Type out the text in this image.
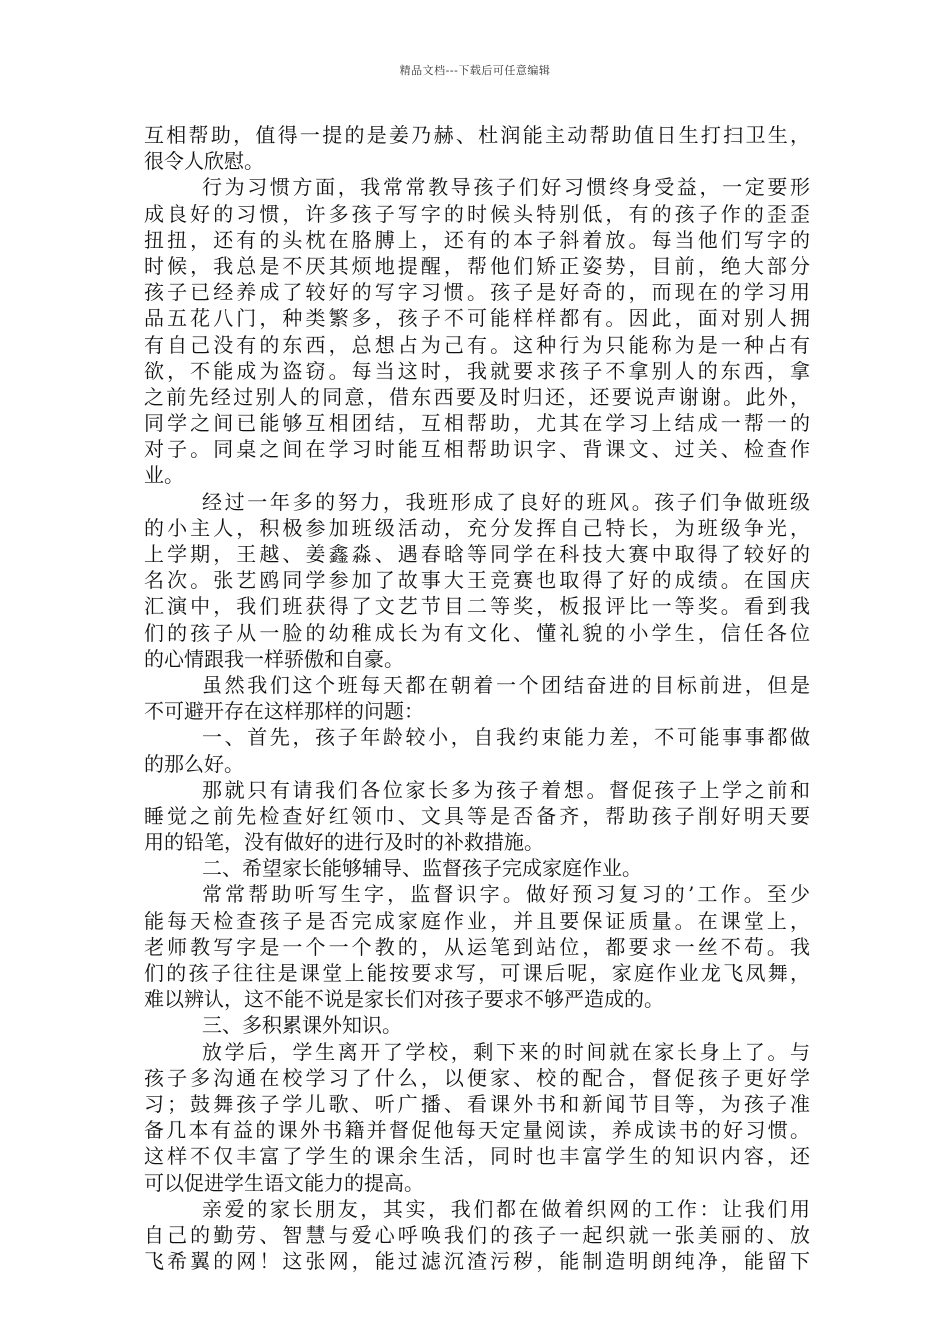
精品文档---下载后可任意编辑
互相帮助，值得一提的是姜乃赫、杜润能主动帮助值日生打扫卫生，
很令人欣慰。
行为习惯方面，我常常教导孩子们好习惯终身受益，一定要形
成良好的习惯，许多孩子写字的时候头特别低，有的孩子作的歪歪
扭扭，还有的头枕在胳膊上，还有的本子斜着放。每当他们写字的
时候，我总是不厌其烦地提醒，帮他们矫正姿势，目前，绝大部分
孩子已经养成了较好的写字习惯。孩子是好奇的，而现在的学习用
品五花八门，种类繁多，孩子不可能样样都有。因此，面对别人拥
有自己没有的东西，总想占为己有。这种行为只能称为是一种占有
欲，不能成为盗窃。每当这时，我就要求孩子不拿别人的东西，拿
之前先经过别人的同意，借东西要及时归还，还要说声谢谢。此外，
同学之间已能够互相团结，互相帮助，尤其在学习上结成一帮一的
对子。同桌之间在学习时能互相帮助识字、背课文、过关、检查作
业。
经过一年多的努力，我班形成了良好的班风。孩子们争做班级
的小主人，积极参加班级活动，充分发挥自己特长，为班级争光，
上学期，王越、姜鑫淼、遇春晗等同学在科技大赛中取得了较好的
名次。张艺鸥同学参加了故事大王竞赛也取得了好的成绩。在国庆
汇演中，我们班获得了文艺节目二等奖，板报评比一等奖。看到我
们的孩子从一脸的幼稚成长为有文化、懂礼貌的小学生，信任各位
的心情跟我一样骄傲和自豪。
虽然我们这个班每天都在朝着一个团结奋进的目标前进，但是
不可避开存在这样那样的问题：
一、首先，孩子年龄较小，自我约束能力差，不可能事事都做
的那么好。
那就只有请我们各位家长多为孩子着想。督促孩子上学之前和
睡觉之前先检查好红领巾、文具等是否备齐，帮助孩子削好明天要
用的铅笔，没有做好的进行及时的补救措施。
二、希望家长能够辅导、监督孩子完成家庭作业。
常常帮助听写生字，监督识字。做好预习复习的’工作。至少
能每天检查孩子是否完成家庭作业，并且要保证质量。在课堂上，
老师教写字是一个一个教的，从运笔到站位，都要求一丝不苟。我
们的孩子往往是课堂上能按要求写，可课后呢，家庭作业龙飞凤舞，
难以辨认，这不能不说是家长们对孩子要求不够严造成的。
三、多积累课外知识。
放学后，学生离开了学校，剩下来的时间就在家长身上了。与
孩子多沟通在校学习了什么，以便家、校的配合，督促孩子更好学
习；鼓舞孩子学儿歌、听广播、看课外书和新闻节目等，为孩子准
备几本有益的课外书籍并督促他每天定量阅读，养成读书的好习惯。
这样不仅丰富了学生的课余生活，同时也丰富学生的知识内容，还
可以促进学生语文能力的提高。
亲爱的家长朋友，其实，我们都在做着织网的工作：让我们用
自己的勤劳、智慧与爱心呼唤我们的孩子一起织就一张美丽的、放
飞希翼的网！这张网，能过滤沉渣污秽，能制造明朗纯净，能留下
